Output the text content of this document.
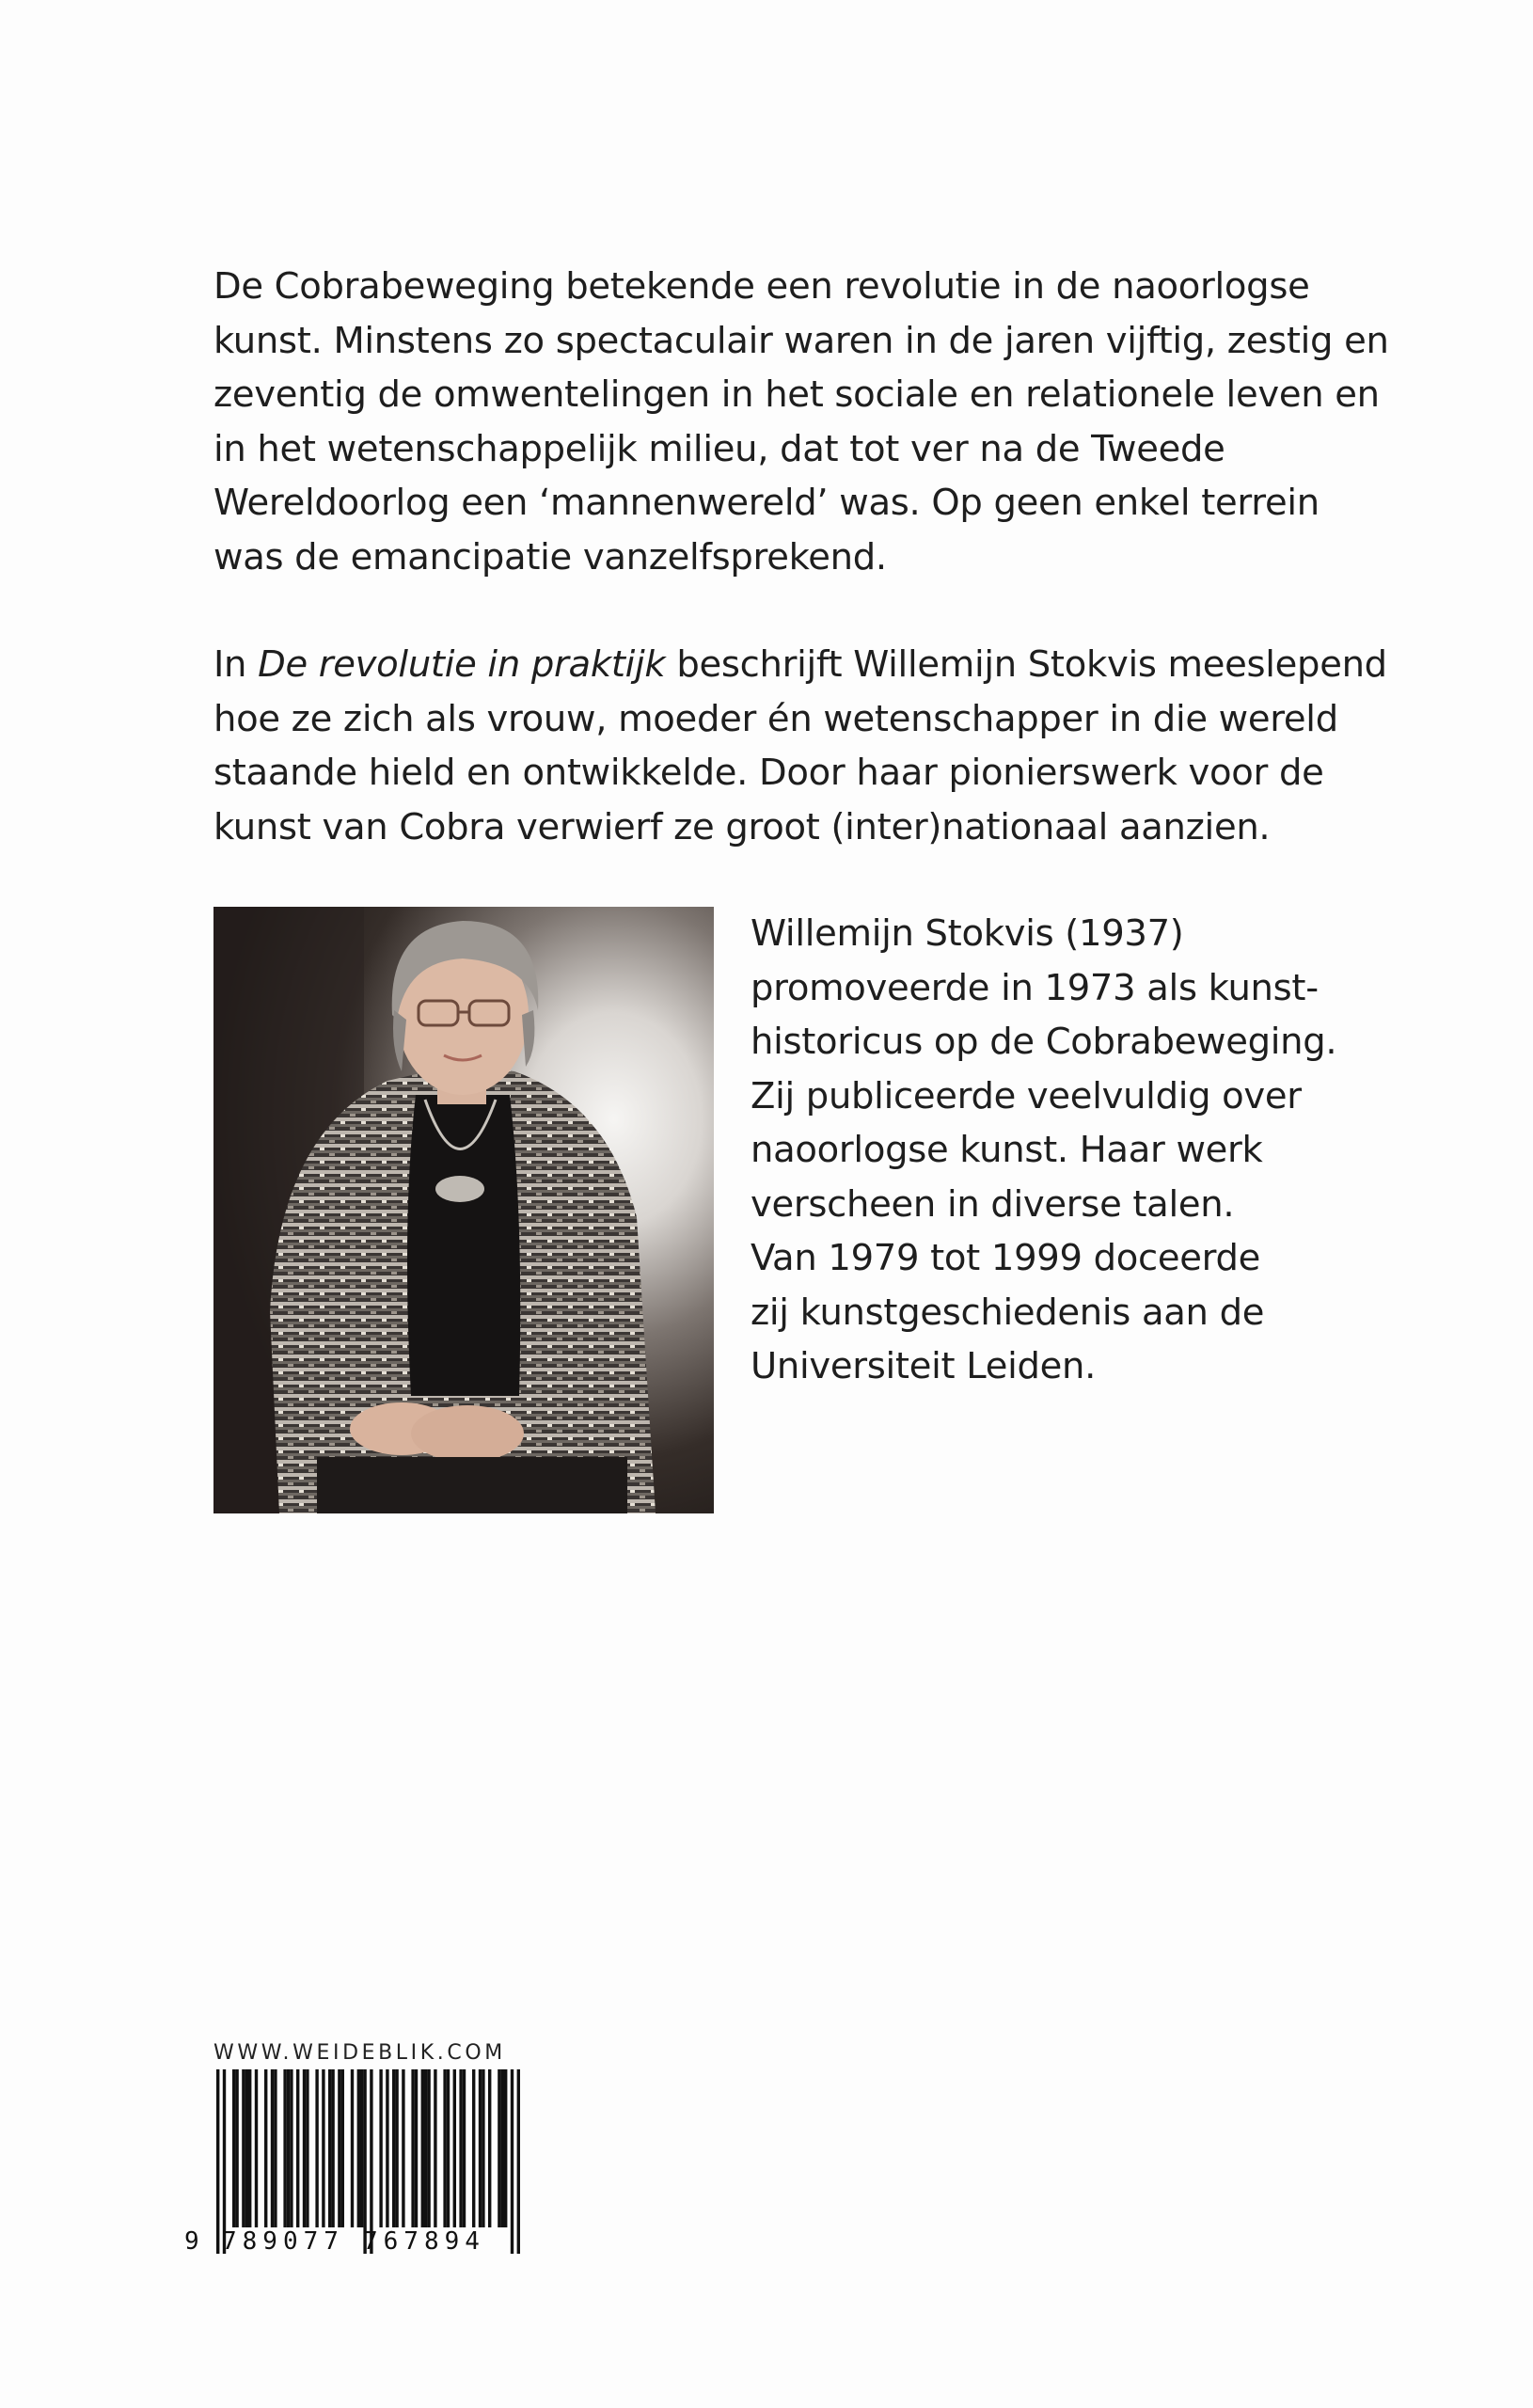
De Cobrabeweging betekende een revolutie in de naoorlogse
kunst. Minstens zo spectaculair waren in de jaren vijftig, zestig en
zeventig de omwentelingen in het sociale en relationele leven en
in het wetenschappelijk milieu, dat tot ver na de Tweede
Wereldoorlog een ‘mannenwereld’ was. Op geen enkel terrein
was de emancipatie vanzelfsprekend.
In De revolutie in praktijk beschrijft Willemijn Stokvis meeslepend
hoe ze zich als vrouw, moeder én wetenschapper in die wereld
staande hield en ontwikkelde. Door haar pionierswerk voor de
kunst van Cobra verwierf ze groot (inter)nationaal aanzien.
Willemijn Stokvis (1937)
promoveerde in 1973 als kunst-
historicus op de Cobrabeweging.
Zij publiceerde veelvuldig over
naoorlogse kunst. Haar werk
verscheen in diverse talen.
Van 1979 tot 1999 doceerde
zij kunstgeschiedenis aan de
Universiteit Leiden.
WWW.WEIDEBLIK.COM
9 789077 767894
